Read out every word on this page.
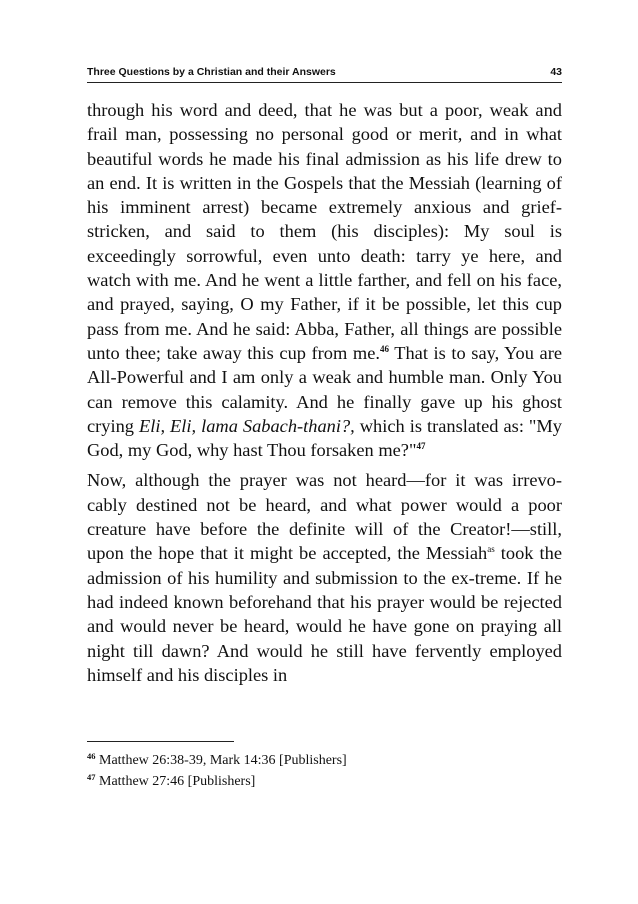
Three Questions by a Christian and their Answers	43

through his word and deed, that he was but a poor, weak and frail man, possessing no personal good or merit, and in what beautiful words he made his final admission as his life drew to an end. It is written in the Gospels that the Messiah (learning of his imminent arrest) became extremely anxious and grief-stricken, and said to them (his disciples): My soul is exceedingly sorrowful, even unto death: tarry ye here, and watch with me. And he went a little farther, and fell on his face, and prayed, saying, O my Father, if it be possible, let this cup pass from me. And he said: Abba, Father, all things are possible unto thee; take away this cup from me.$^{46}$ That is to say, You are All-Powerful and I am only a weak and humble man. Only You can remove this calamity. And he finally gave up his ghost crying Eli, Eli, lama Sabach-thani?, which is translated as: "My God, my God, why hast Thou forsaken me?"$^{47}$

Now, although the prayer was not heard—for it was irrevo-cably destined not be heard, and what power would a poor creature have before the definite will of the Creator!—still, upon the hope that it might be accepted, the Messiah$^{as}$ took the admission of his humility and submission to the ex-treme. If he had indeed known beforehand that his prayer would be rejected and would never be heard, would he have gone on praying all night till dawn? And would he still have fervently employed himself and his disciples in

$^{46}$ Matthew 26:38-39, Mark 14:36 [Publishers]

$^{47}$ Matthew 27:46 [Publishers]
